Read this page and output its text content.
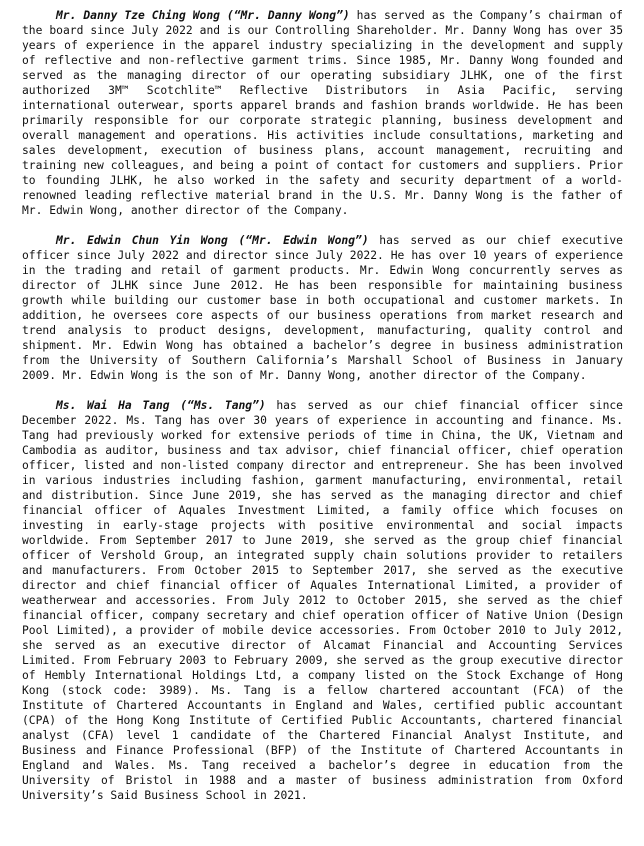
Mr. Danny Tze Ching Wong (“Mr. Danny Wong”) has served as the Company’s chairman of the board since July 2022 and is our Controlling Shareholder. Mr. Danny Wong has over 35 years of experience in the apparel industry specializing in the development and supply of reflective and non-reflective garment trims. Since 1985, Mr. Danny Wong founded and served as the managing director of our operating subsidiary JLHK, one of the first authorized 3M™ Scotchlite™ Reflective Distributors in Asia Pacific, serving international outerwear, sports apparel brands and fashion brands worldwide. He has been primarily responsible for our corporate strategic planning, business development and overall management and operations. His activities include consultations, marketing and sales development, execution of business plans, account management, recruiting and training new colleagues, and being a point of contact for customers and suppliers. Prior to founding JLHK, he also worked in the safety and security department of a world-renowned leading reflective material brand in the U.S. Mr. Danny Wong is the father of Mr. Edwin Wong, another director of the Company.

Mr. Edwin Chun Yin Wong (“Mr. Edwin Wong”) has served as our chief executive officer since July 2022 and director since July 2022. He has over 10 years of experience in the trading and retail of garment products. Mr. Edwin Wong concurrently serves as director of JLHK since June 2012. He has been responsible for maintaining business growth while building our customer base in both occupational and customer markets. In addition, he oversees core aspects of our business operations from market research and trend analysis to product designs, development, manufacturing, quality control and shipment. Mr. Edwin Wong has obtained a bachelor’s degree in business administration from the University of Southern California’s Marshall School of Business in January 2009. Mr. Edwin Wong is the son of Mr. Danny Wong, another director of the Company.

Ms. Wai Ha Tang (“Ms. Tang”) has served as our chief financial officer since December 2022. Ms. Tang has over 30 years of experience in accounting and finance. Ms. Tang had previously worked for extensive periods of time in China, the UK, Vietnam and Cambodia as auditor, business and tax advisor, chief financial officer, chief operation officer, listed and non-listed company director and entrepreneur. She has been involved in various industries including fashion, garment manufacturing, environmental, retail and distribution. Since June 2019, she has served as the managing director and chief financial officer of Aquales Investment Limited, a family office which focuses on investing in early-stage projects with positive environmental and social impacts worldwide. From September 2017 to June 2019, she served as the group chief financial officer of Vershold Group, an integrated supply chain solutions provider to retailers and manufacturers. From October 2015 to September 2017, she served as the executive director and chief financial officer of Aquales International Limited, a provider of weatherwear and accessories. From July 2012 to October 2015, she served as the chief financial officer, company secretary and chief operation officer of Native Union (Design Pool Limited), a provider of mobile device accessories. From October 2010 to July 2012, she served as an executive director of Alcamat Financial and Accounting Services Limited. From February 2003 to February 2009, she served as the group executive director of Hembly International Holdings Ltd, a company listed on the Stock Exchange of Hong Kong (stock code: 3989). Ms. Tang is a fellow chartered accountant (FCA) of the Institute of Chartered Accountants in England and Wales, certified public accountant (CPA) of the Hong Kong Institute of Certified Public Accountants, chartered financial analyst (CFA) level 1 candidate of the Chartered Financial Analyst Institute, and Business and Finance Professional (BFP) of the Institute of Chartered Accountants in England and Wales. Ms. Tang received a bachelor’s degree in education from the University of Bristol in 1988 and a master of business administration from Oxford University’s Said Business School in 2021.
